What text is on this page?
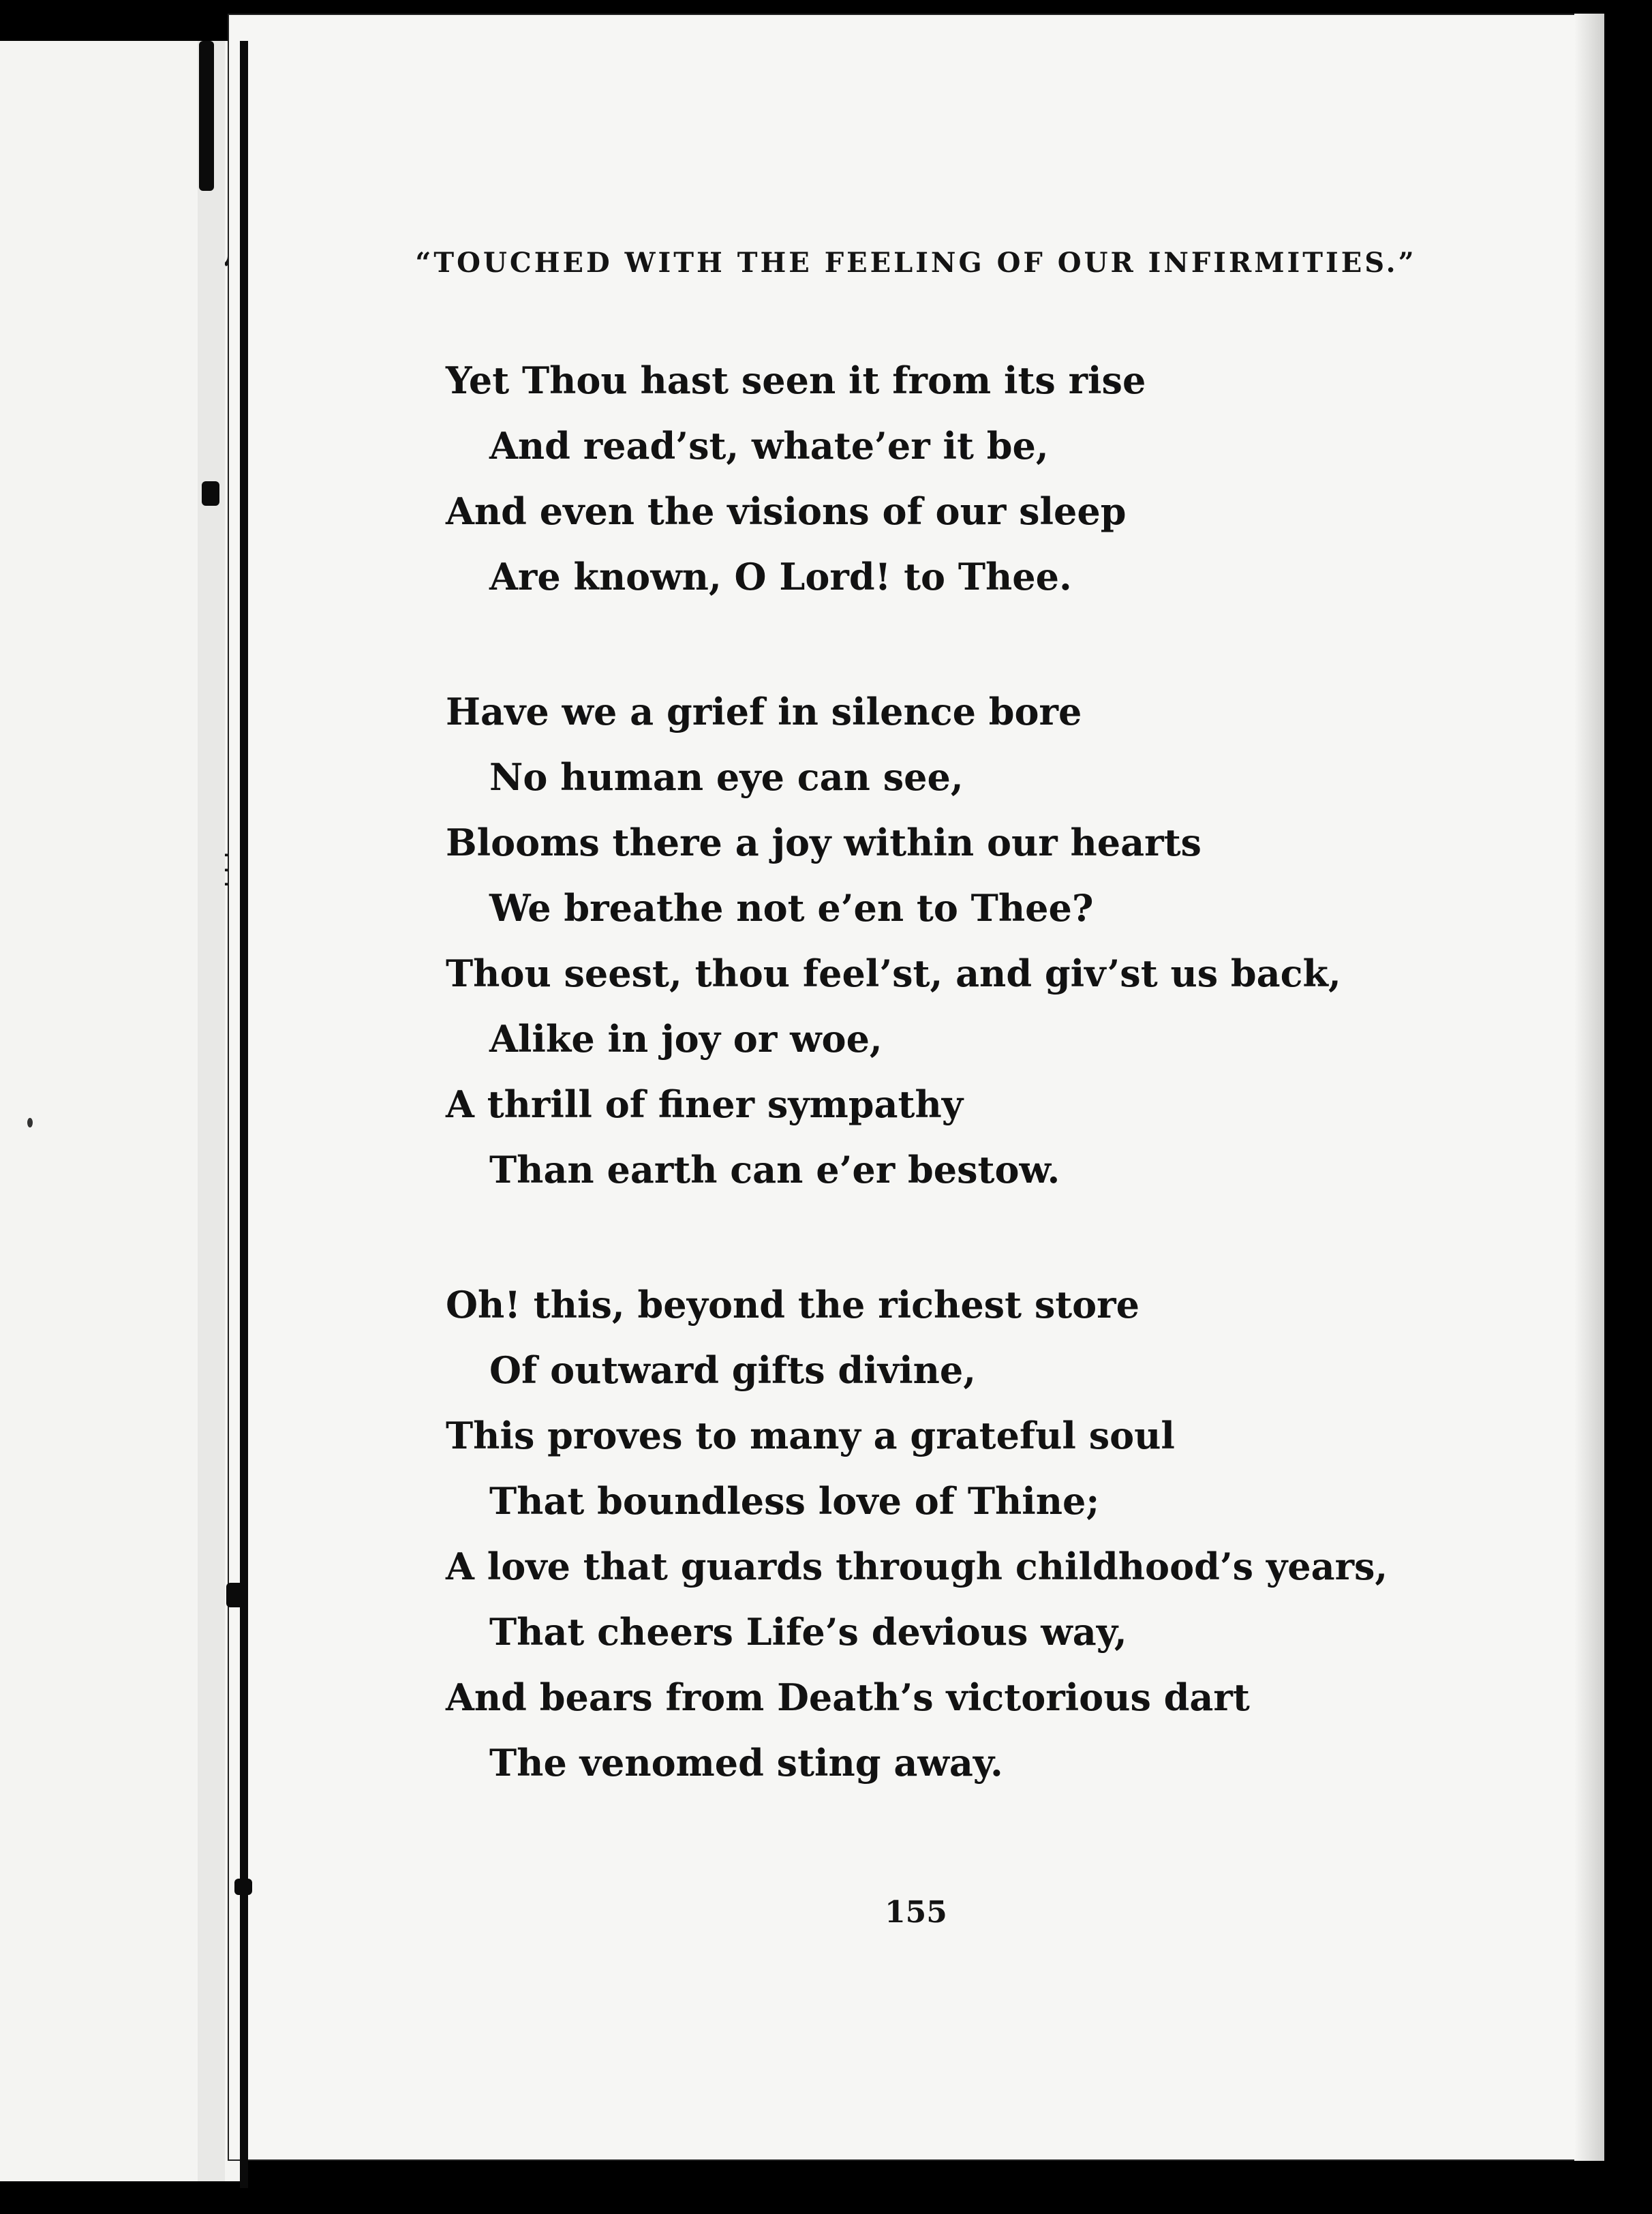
“TOUCHED WITH THE FEELING OF OUR INFIRMITIES.”
Yet Thou hast seen it from its rise
And read’st, whate’er it be,
And even the visions of our sleep
Are known, O Lord! to Thee.
Have we a grief in silence bore
No human eye can see,
Blooms there a joy within our hearts
We breathe not e’en to Thee?
Thou seest, thou feel’st, and giv’st us back,
Alike in joy or woe,
A thrill of finer sympathy
Than earth can e’er bestow.
Oh! this, beyond the richest store
Of outward gifts divine,
This proves to many a grateful soul
That boundless love of Thine;
A love that guards through childhood’s years,
That cheers Life’s devious way,
And bears from Death’s victorious dart
The venomed sting away.
155
